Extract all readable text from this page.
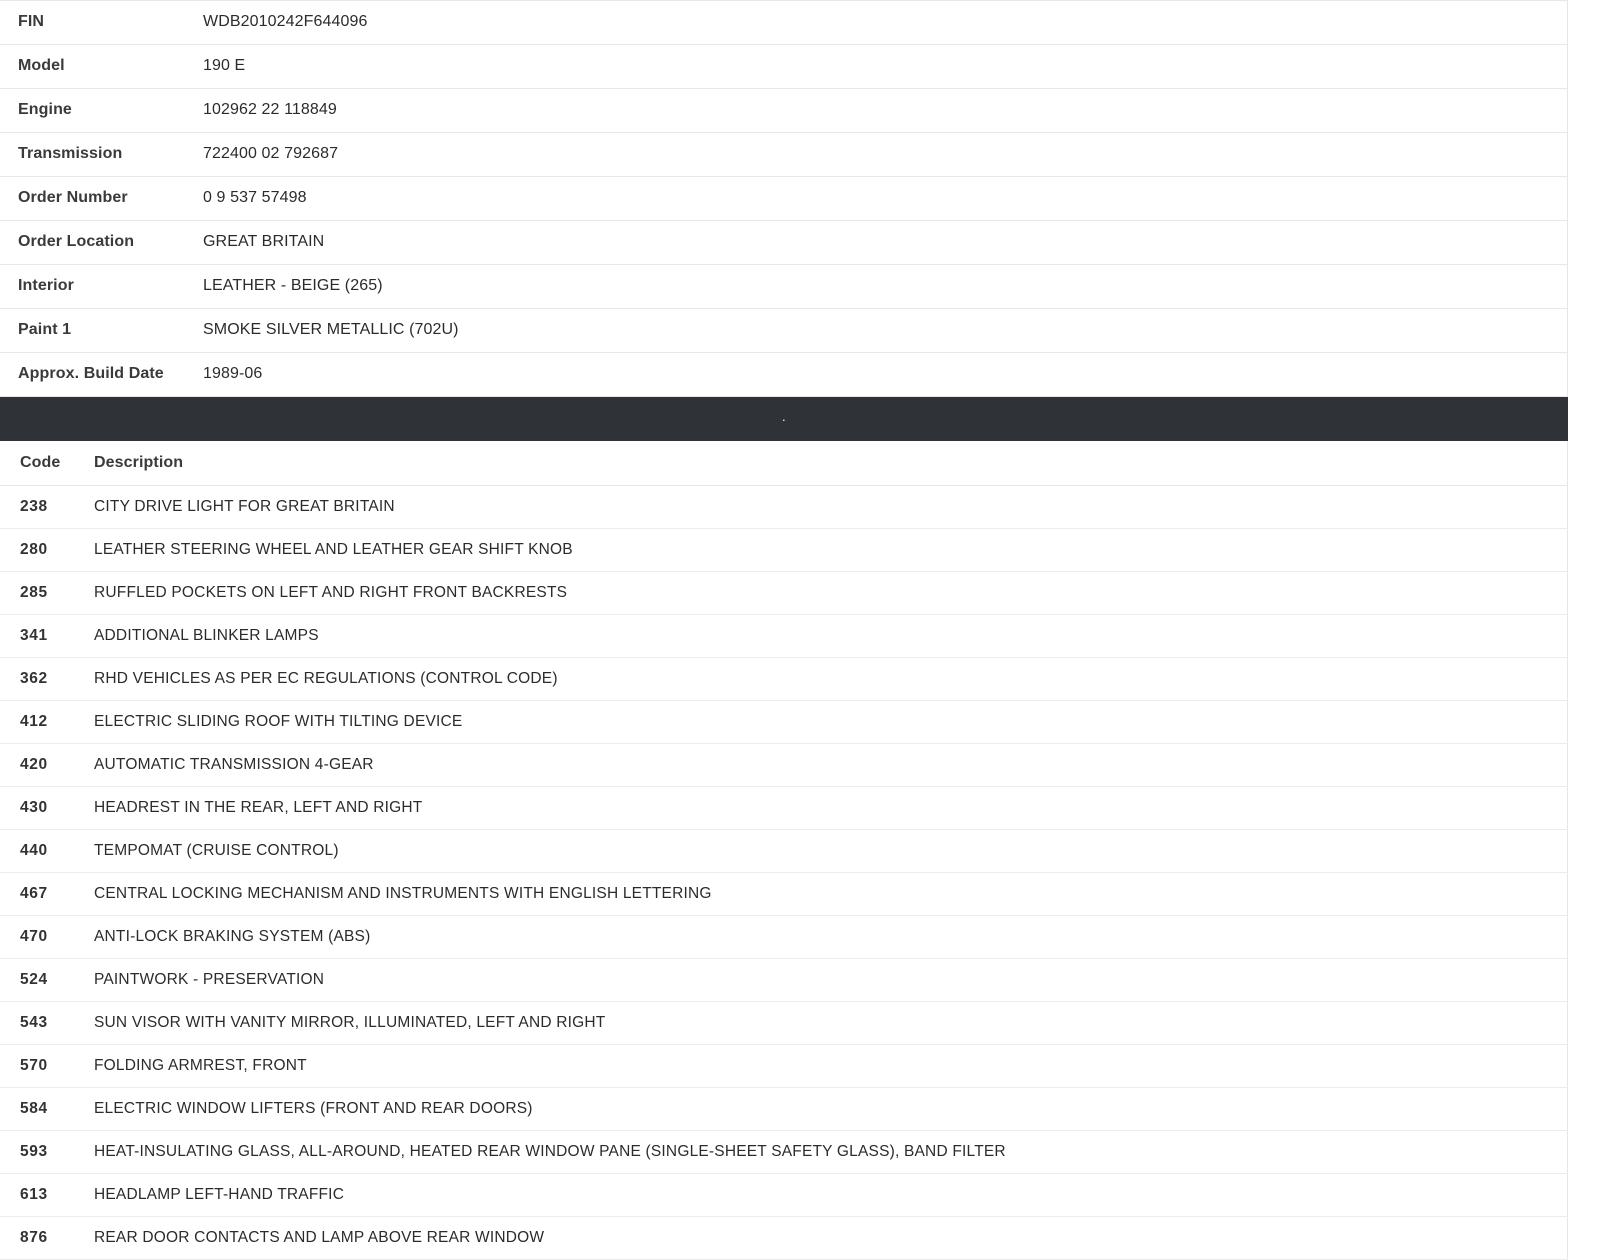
FIN	WDB2010242F644096
Model	190 E
Engine	102962 22 118849
Transmission	722400 02 792687
Order Number	0 9 537 57498
Order Location	GREAT BRITAIN
Interior	LEATHER - BEIGE (265)
Paint 1	SMOKE SILVER METALLIC (702U)
Approx. Build Date	1989-06
.
Code	Description
238	CITY DRIVE LIGHT FOR GREAT BRITAIN
280	LEATHER STEERING WHEEL AND LEATHER GEAR SHIFT KNOB
285	RUFFLED POCKETS ON LEFT AND RIGHT FRONT BACKRESTS
341	ADDITIONAL BLINKER LAMPS
362	RHD VEHICLES AS PER EC REGULATIONS (CONTROL CODE)
412	ELECTRIC SLIDING ROOF WITH TILTING DEVICE
420	AUTOMATIC TRANSMISSION 4-GEAR
430	HEADREST IN THE REAR, LEFT AND RIGHT
440	TEMPOMAT (CRUISE CONTROL)
467	CENTRAL LOCKING MECHANISM AND INSTRUMENTS WITH ENGLISH LETTERING
470	ANTI-LOCK BRAKING SYSTEM (ABS)
524	PAINTWORK - PRESERVATION
543	SUN VISOR WITH VANITY MIRROR, ILLUMINATED, LEFT AND RIGHT
570	FOLDING ARMREST, FRONT
584	ELECTRIC WINDOW LIFTERS (FRONT AND REAR DOORS)
593	HEAT-INSULATING GLASS, ALL-AROUND, HEATED REAR WINDOW PANE (SINGLE-SHEET SAFETY GLASS), BAND FILTER
613	HEADLAMP LEFT-HAND TRAFFIC
876	REAR DOOR CONTACTS AND LAMP ABOVE REAR WINDOW
